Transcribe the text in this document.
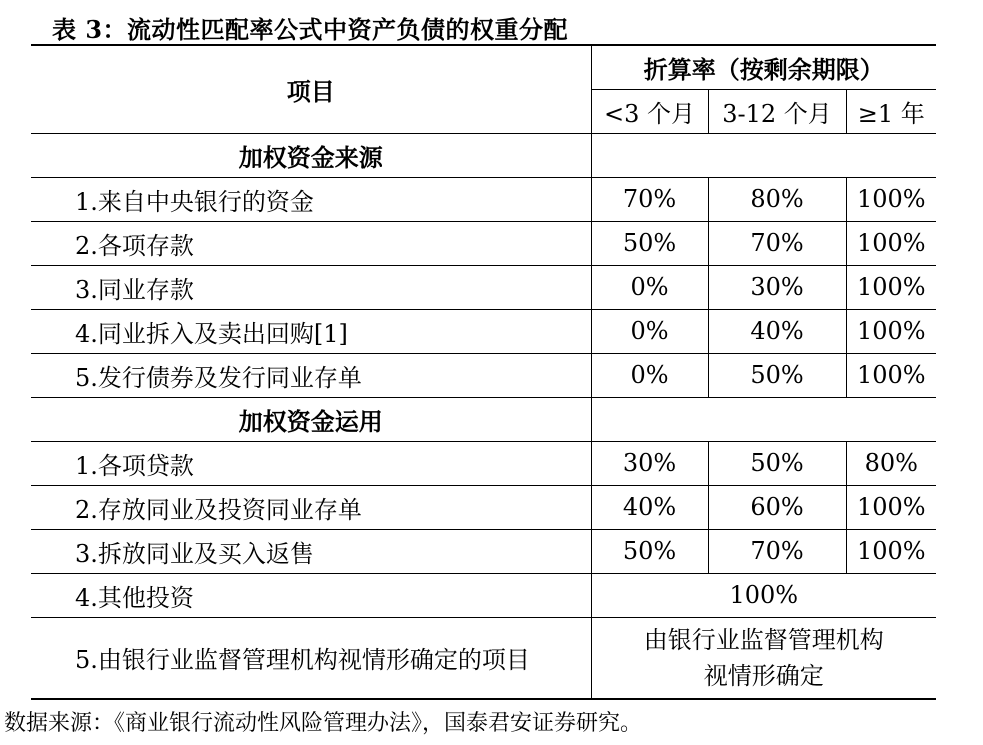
表 3：流动性匹配率公式中资产负债的权重分配
项目	折算率（按剩余期限）		
	<3 个月	3-12 个月	≥1 年
加权资金来源			
1.来自中央银行的资金	70%	80%	100%
2.各项存款	50%	70%	100%
3.同业存款	0%	30%	100%
4.同业拆入及卖出回购[1]	0%	40%	100%
5.发行债券及发行同业存单	0%	50%	100%
加权资金运用			
1.各项贷款	30%	50%	80%
2.存放同业及投资同业存单	40%	60%	100%
3.拆放同业及买入返售	50%	70%	100%
4.其他投资	100%		
5.由银行业监督管理机构视情形确定的项目	由银行业监督管理机构
视情形确定		
数据来源：《商业银行流动性风险管理办法》，国泰君安证券研究。
